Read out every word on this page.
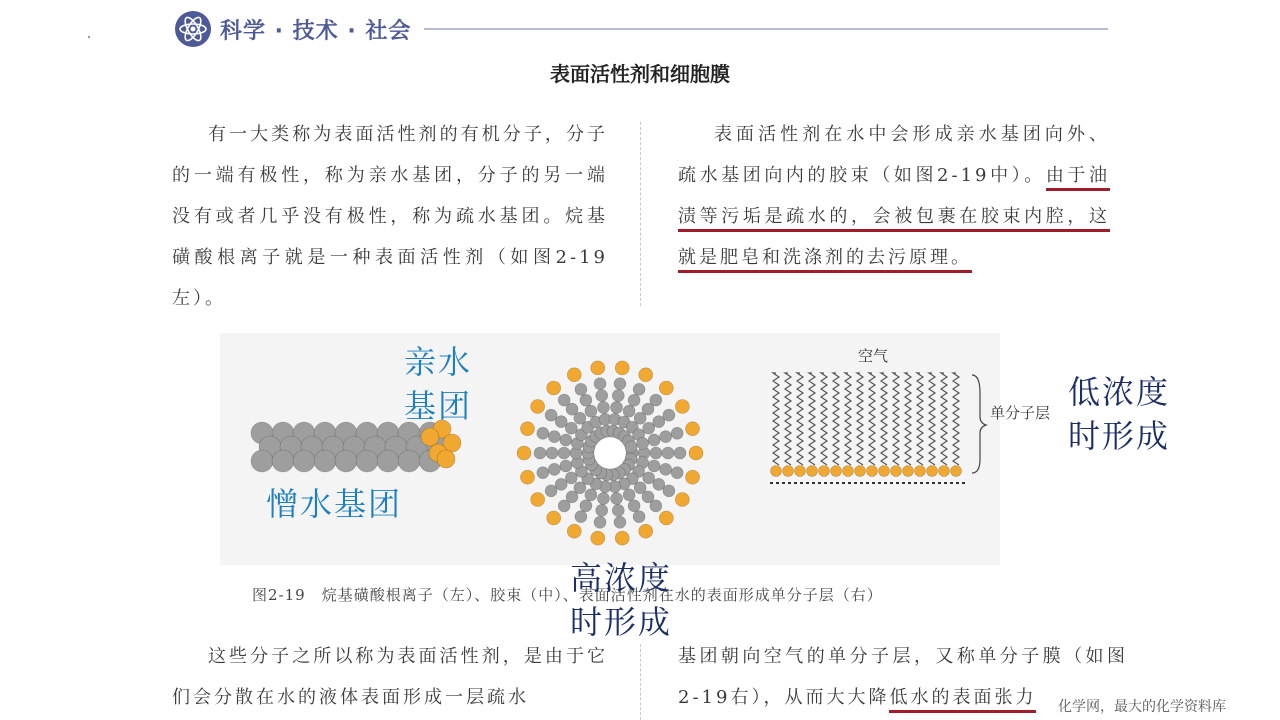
科学 · 技术 · 社会
表面活性剂和细胞膜
有一大类称为表面活性剂的有机分子，分子的一端有极性，称为亲水基团，分子的另一端没有或者几乎没有极性，称为疏水基团。烷基磺酸根离子就是一种表面活性剂（如图2-19左）。
表面活性剂在水中会形成亲水基团向外、疏水基团向内的胶束（如图2-19中）。由于油渍等污垢是疏水的，会被包裹在胶束内腔，这就是肥皂和洗涤剂的去污原理。
空气
单分子层
图2-19　烷基磺酸根离子（左）、胶束（中）、表面活性剂在水的表面形成单分子层（右）
亲水基团
憎水基团
低浓度时形成
高浓度时形成
这些分子之所以称为表面活性剂，是由于它们会分散在水的液体表面形成一层疏水
基团朝向空气的单分子层，又称单分子膜（如图2-19右），从而大大降低水的表面张力	化学网，最大的化学资料库
